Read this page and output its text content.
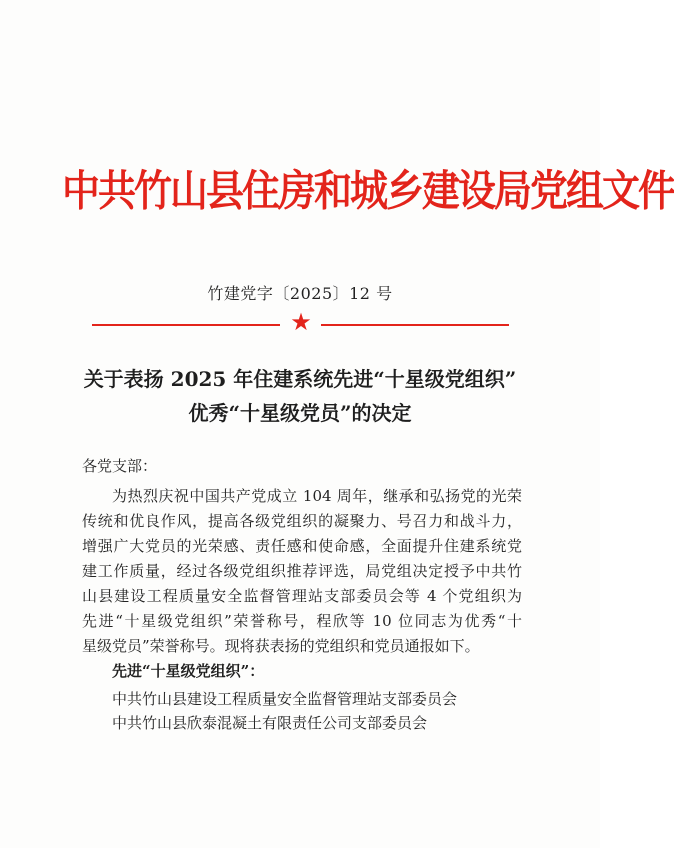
中共竹山县住房和城乡建设局党组文件
竹建党字〔2025〕12 号
★
关于表扬 2025 年住建系统先进“十星级党组织”
优秀“十星级党员”的决定
各党支部：
为热烈庆祝中国共产党成立 104 周年，继承和弘扬党的光荣
传统和优良作风，提高各级党组织的凝聚力、号召力和战斗力，
增强广大党员的光荣感、责任感和使命感，全面提升住建系统党
建工作质量，经过各级党组织推荐评选，局党组决定授予中共竹
山县建设工程质量安全监督管理站支部委员会等 4 个党组织为
先进“十星级党组织”荣誉称号，程欣等 10 位同志为优秀“十
星级党员”荣誉称号。现将获表扬的党组织和党员通报如下。
先进“十星级党组织”：
中共竹山县建设工程质量安全监督管理站支部委员会
中共竹山县欣泰混凝土有限责任公司支部委员会
